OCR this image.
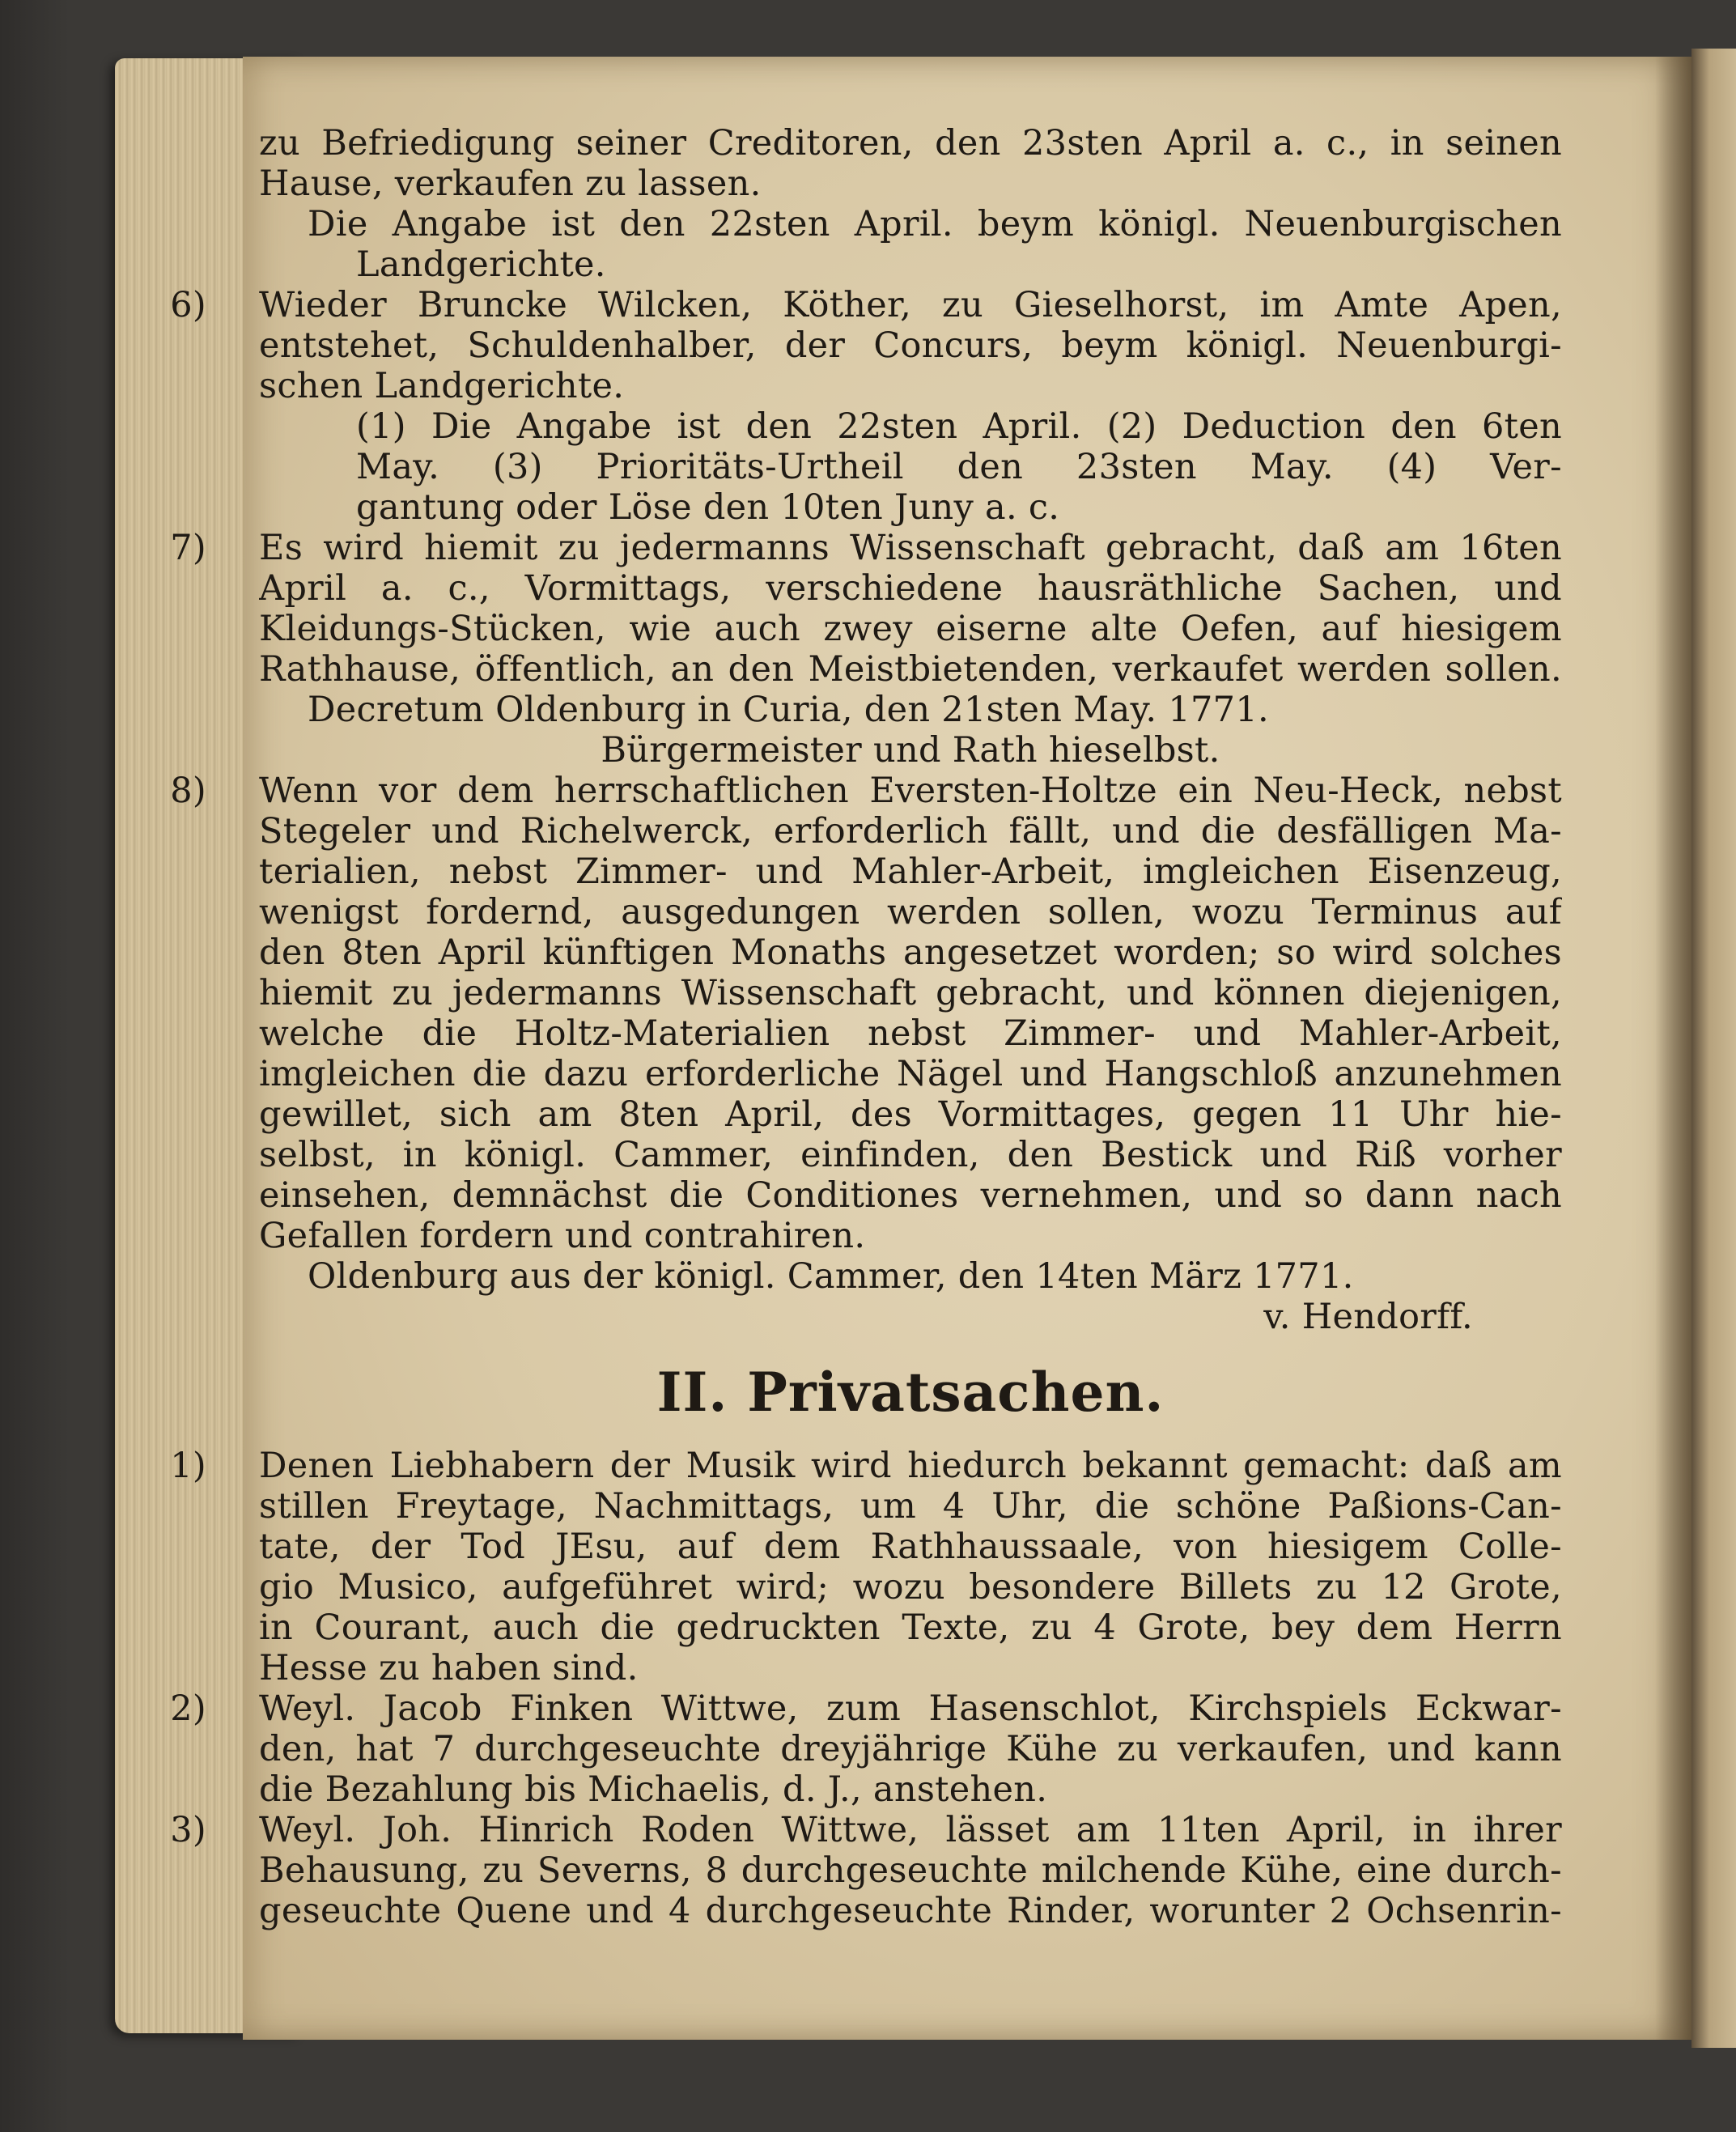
zu Befriedigung seiner Creditoren, den 23sten April a. c., in seinen
Hause, verkaufen zu lassen.
Die Angabe ist den 22sten April. beym königl. Neuenburgischen
Landgerichte.
6) Wieder Bruncke Wilcken, Köther, zu Gieselhorst, im Amte Apen,
entstehet, Schuldenhalber, der Concurs, beym königl. Neuenburgi-
schen Landgerichte.
(1) Die Angabe ist den 22sten April. (2) Deduction den 6ten
May. (3) Prioritäts-Urtheil den 23sten May. (4) Ver-
gantung oder Löse den 10ten Juny a. c.
7) Es wird hiemit zu jedermanns Wissenschaft gebracht, daß am 16ten
April a. c., Vormittags, verschiedene hausräthliche Sachen, und
Kleidungs-Stücken, wie auch zwey eiserne alte Oefen, auf hiesigem
Rathhause, öffentlich, an den Meistbietenden, verkaufet werden sollen.
Decretum Oldenburg in Curia, den 21sten May. 1771.
Bürgermeister und Rath hieselbst.
8) Wenn vor dem herrschaftlichen Eversten-Holtze ein Neu-Heck, nebst
Stegeler und Richelwerck, erforderlich fällt, und die desfälligen Ma-
terialien, nebst Zimmer- und Mahler-Arbeit, imgleichen Eisenzeug,
wenigst fordernd, ausgedungen werden sollen, wozu Terminus auf
den 8ten April künftigen Monaths angesetzet worden; so wird solches
hiemit zu jedermanns Wissenschaft gebracht, und können diejenigen,
welche die Holtz-Materialien nebst Zimmer- und Mahler-Arbeit,
imgleichen die dazu erforderliche Nägel und Hangschloß anzunehmen
gewillet, sich am 8ten April, des Vormittages, gegen 11 Uhr hie-
selbst, in königl. Cammer, einfinden, den Bestick und Riß vorher
einsehen, demnächst die Conditiones vernehmen, und so dann nach
Gefallen fordern und contrahiren.
Oldenburg aus der königl. Cammer, den 14ten März 1771.
v. Hendorff.
II. Privatsachen.
1) Denen Liebhabern der Musik wird hiedurch bekannt gemacht: daß am
stillen Freytage, Nachmittags, um 4 Uhr, die schöne Paßions-Can-
tate, der Tod JEsu, auf dem Rathhaussaale, von hiesigem Colle-
gio Musico, aufgeführet wird; wozu besondere Billets zu 12 Grote,
in Courant, auch die gedruckten Texte, zu 4 Grote, bey dem Herrn
Hesse zu haben sind.
2) Weyl. Jacob Finken Wittwe, zum Hasenschlot, Kirchspiels Eckwar-
den, hat 7 durchgeseuchte dreyjährige Kühe zu verkaufen, und kann
die Bezahlung bis Michaelis, d. J., anstehen.
3) Weyl. Joh. Hinrich Roden Wittwe, lässet am 11ten April, in ihrer
Behausung, zu Severns, 8 durchgeseuchte milchende Kühe, eine durch-
geseuchte Quene und 4 durchgeseuchte Rinder, worunter 2 Ochsenrin-
